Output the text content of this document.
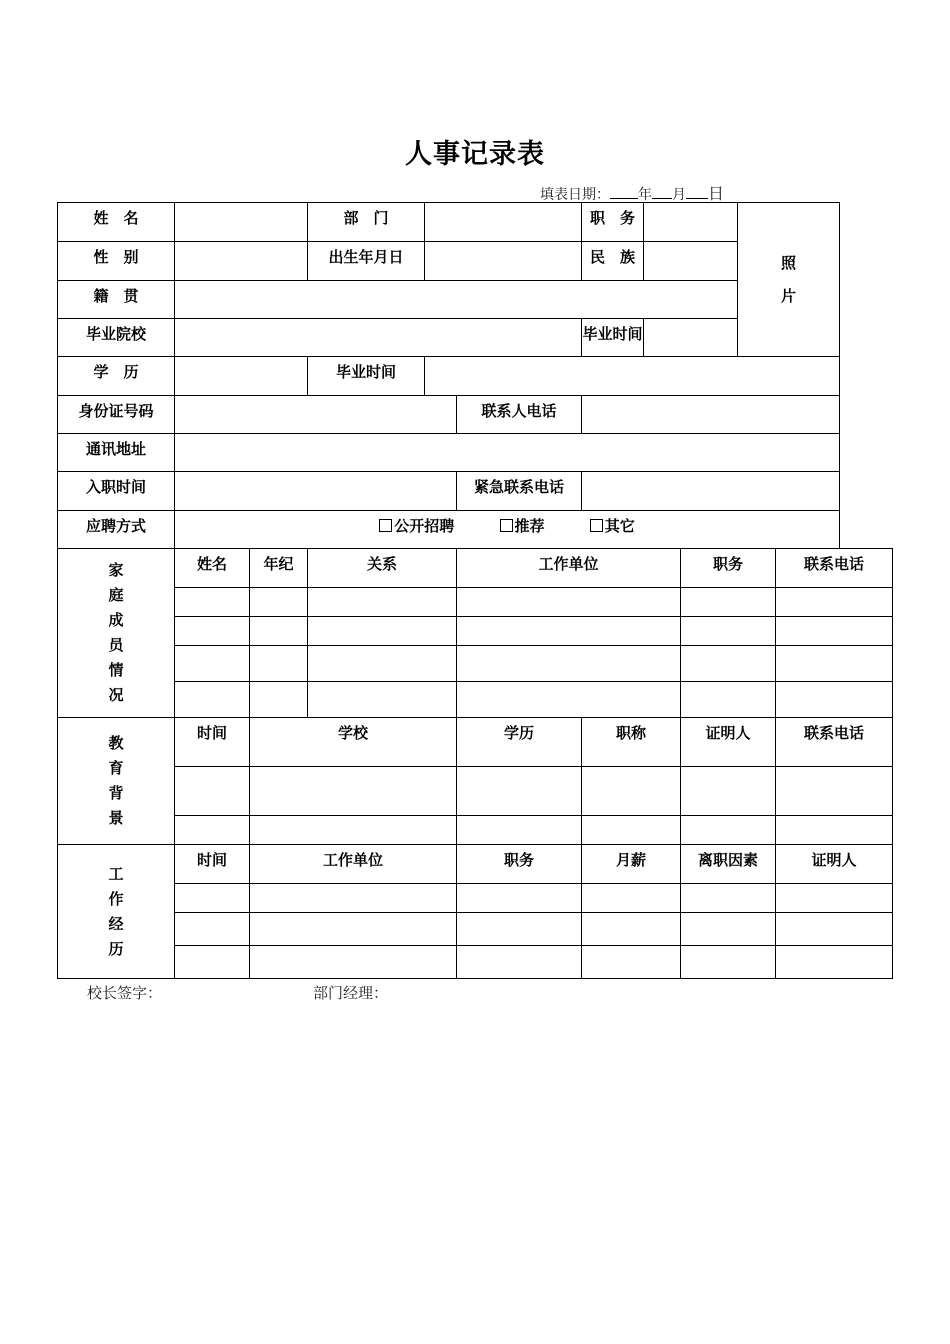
人事记录表
填表日期： 年 月 日
姓名			部门			职务			照片	
性别			出生年月日			民族				
籍贯										
毕业院校						毕业时间				
学历			毕业时间							
身份证号码					联系人电话					
通讯地址										
入职时间					紧急联系电话					
应聘方式	公开招聘 推荐 其它									
家庭成员情况	姓名	年纪	关系		工作单位			职务		联系电话

教育背景	时间	学校			学历	职称		证明人		联系电话

工作经历	时间	工作单位			职务	月薪		离职因素		证明人

校长签字：	部门经理：
